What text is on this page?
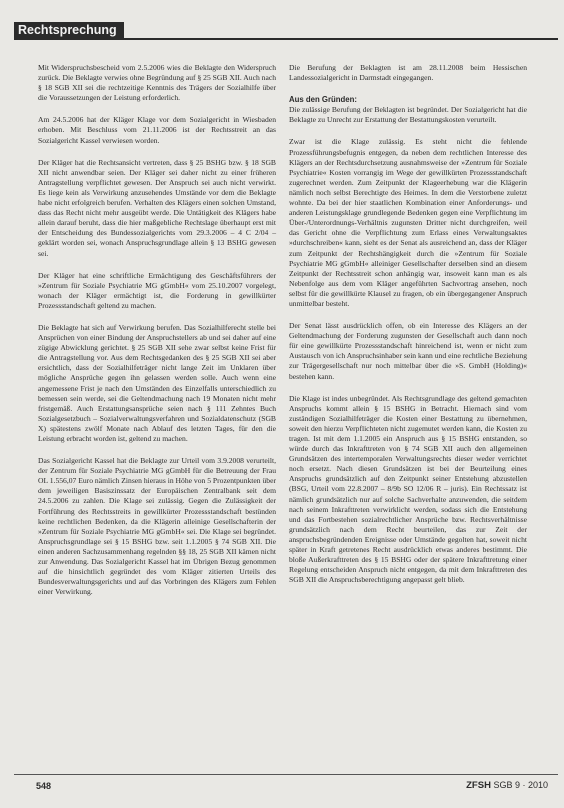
Rechtsprechung

Mit Widerspruchsbescheid vom 2.5.2006 wies die Beklagte den Widerspruch zurück. Die Beklagte verwies ohne Begründung auf § 25 SGB XII. Auch nach § 18 SGB XII sei die rechtzeitige Kenntnis des Trägers der Sozialhilfe über die Voraussetzungen der Leistung erforderlich.

Am 24.5.2006 hat der Kläger Klage vor dem Sozialgericht in Wiesbaden erhoben. Mit Beschluss vom 21.11.2006 ist der Rechtsstreit an das Sozialgericht Kassel verwiesen worden.

Der Kläger hat die Rechtsansicht vertreten, dass § 25 BSHG bzw. § 18 SGB XII nicht anwendbar seien. Der Kläger sei daher nicht zu einer früheren Antragstellung verpflichtet gewesen. Der Anspruch sei auch nicht verwirkt. Es liege kein als Verwirkung anzusehendes Umstände vor dem die Beklagte habe nicht erfolgreich berufen. Verhalten des Klägers einen solchen Umstand, dass das Recht nicht mehr ausgeübt werde. Die Untätigkeit des Klägers habe allein darauf beruht, dass die hier maßgebliche Rechtslage überhaupt erst mit der Entscheidung des Bundessozialgerichts vom 29.3.2006 – 4 C 2/04 – geklärt worden sei, wonach Anspruchsgrundlage allein § 13 BSHG gewesen sei.

Der Kläger hat eine schriftliche Ermächtigung des Geschäftsführers der »Zentrum für Soziale Psychiatrie MG gGmbH« vom 25.10.2007 vorgelegt, wonach der Kläger ermächtigt ist, die Forderung in gewillkürter Prozessstandschaft geltend zu machen.

Die Beklagte hat sich auf Verwirkung berufen. Das Sozialhilferecht stelle bei Ansprüchen von einer Bindung der Anspruchstellers ab und sei daher auf eine zügige Abwicklung gerichtet. § 25 SGB XII sehe zwar selbst keine Frist für die Antragstellung vor. Aus dem Rechtsgedanken des § 25 SGB XII sei aber ersichtlich, dass der Sozialhilfeträger nicht lange Zeit im Unklaren über mögliche Ansprüche gegen ihn gelassen werden solle. Auch wenn eine angemessene Frist je nach den Umständen des Einzelfalls unterschiedlich zu bemessen sein werde, sei die Geltendmachung nach 19 Monaten nicht mehr fristgemäß. Auch Erstattungsansprüche seien nach § 111 Zehntes Buch Sozialgesetzbuch – Sozialverwaltungsverfahren und Sozialdatenschutz (SGB X) spätestens zwölf Monate nach Ablauf des letzten Tages, für den die Leistung erbracht worden ist, geltend zu machen.

Das Sozialgericht Kassel hat die Beklagte zur Urteil vom 3.9.2008 verurteilt, der Zentrum für Soziale Psychiatrie MG gGmbH für die Betreuung der Frau OL 1.556,07 Euro nämlich Zinsen hieraus in Höhe von 5 Prozentpunkten über dem jeweiligen Basiszinssatz der Europäischen Zentralbank seit dem 24.5.2006 zu zahlen. Die Klage sei zulässig. Gegen die Zulässigkeit der Fortführung des Rechtsstreits in gewillkürter Prozessstandschaft bestünden keine rechtlichen Bedenken, da die Klägerin alleinige Gesellschafterin der »Zentrum für Soziale Psychiatrie MG gGmbH« sei. Die Klage sei begründet. Anspruchsgrundlage sei § 15 BSHG bzw. seit 1.1.2005 § 74 SGB XII. Die einen anderen Sachzusammenhang regelnden §§ 18, 25 SGB XII kämen nicht zur Anwendung. Das Sozialgericht Kassel hat im Übrigen Bezug genommen auf die hinsichtlich gegründet des vom Kläger zitierten Urteils des Bundesverwaltungsgerichts und auf das Vorbringen des Klägers zum Fehlen einer Verwirkung.

Die Berufung der Beklagten ist am 28.11.2008 beim Hessischen Landessozialgericht in Darmstadt eingegangen.

Aus den Gründen:
Die zulässige Berufung der Beklagten ist begründet. Der Sozialgericht hat die Beklagte zu Unrecht zur Erstattung der Bestattungskosten verurteilt.

Zwar ist die Klage zulässig. Es steht nicht die fehlende Prozessführungsbefugnis entgegen, da neben dem rechtlichen Interesse des Klägers an der Rechtsdurchsetzung ausnahmsweise der »Zentrum für Soziale Psychiatrie« Kosten vorrangig im Wege der gewillkürten Prozessstandschaft zugerechnet werden. Zum Zeitpunkt der Klageerhebung war die Klägerin nämlich noch selbst Berechtigte des Heimes. In dem die Verstorbene zuletzt wohnte. Da bei der hier staatlichen Kombination einer Anforderungs- und anderen Leistungsklage grundlegende Bedenken gegen eine Verpflichtung im Über-/Unterordnungs-Verhältnis zugunsten Dritter nicht durchgreifen, weil das Gericht ohne die Verpflichtung zum Erlass eines Verwaltungsaktes »durchschreiben« kann, sieht es der Senat als ausreichend an, dass der Kläger zum Zeitpunkt der Rechtshängigkeit durch die »Zentrum für Soziale Psychiatrie MG gGmbH« alleiniger Gesellschafter derselben sind an diesem Zeitpunkt der Rechtsstreit schon anhängig war, insoweit kann man es als Nebenfolge aus dem vom Kläger angeführten Sachvortrag ansehen, noch selbst für die gewillkürte Klausel zu fragen, ob ein übergegangener Anspruch unmittelbar besteht.

Der Senat lässt ausdrücklich offen, ob ein Interesse des Klägers an der Geltendmachung der Forderung zugunsten der Gesellschaft auch dann noch für eine gewillkürte Prozessstandschaft hinreichend ist, wenn er nicht zum Austausch von ich Anspruchsinhaber sein kann und eine rechtliche Beziehung zur Trägergesellschaft nur noch mittelbar über die »S. GmbH (Holding)« bestehen kann.

Die Klage ist indes unbegründet. Als Rechtsgrundlage des geltend gemachten Anspruchs kommt allein § 15 BSHG in Betracht. Hiernach sind vom zuständigen Sozialhilfeträger die Kosten einer Bestattung zu übernehmen, soweit den hierzu Verpflichteten nicht zugemutet werden kann, die Kosten zu tragen. Ist mit dem 1.1.2005 ein Anspruch aus § 15 BSHG entstanden, so würde durch das Inkrafttreten von § 74 SGB XII auch den allgemeinen Grundsätzen des intertemporalen Verwaltungsrechts dieser weder verrichtet noch ersetzt. Nach diesen Grundsätzen ist bei der Beurteilung eines Anspruchs grundsätzlich auf den Zeitpunkt seiner Entstehung abzustellen (BSG, Urteil vom 22.8.2007 – 8/9b SO 12/06 R – juris). Ein Rechtssatz ist nämlich grundsätzlich nur auf solche Sachverhalte anzuwenden, die seitdem nach seinem Inkrafttreten verwirklicht werden, sodass sich die Entstehung und das Fortbestehen sozialrechtlicher Ansprüche bzw. Rechtsverhältnisse grundsätzlich nach dem Recht beurteilen, das zur Zeit der anspruchsbegründenden Ereignisse oder Umstände gegolten hat, soweit nicht später in Kraft getretenes Recht ausdrücklich etwas anderes bestimmt. Die bloße Außerkrafttreten des § 15 BSHG oder der spätere Inkrafttretung einer Regelung entscheiden Anspruch nicht entgegen, da mit dem Inkrafttreten des SGB XII die Anspruchsberechtigung angepasst gelt blieb.

548	ZFSH SGB 9 · 2010
